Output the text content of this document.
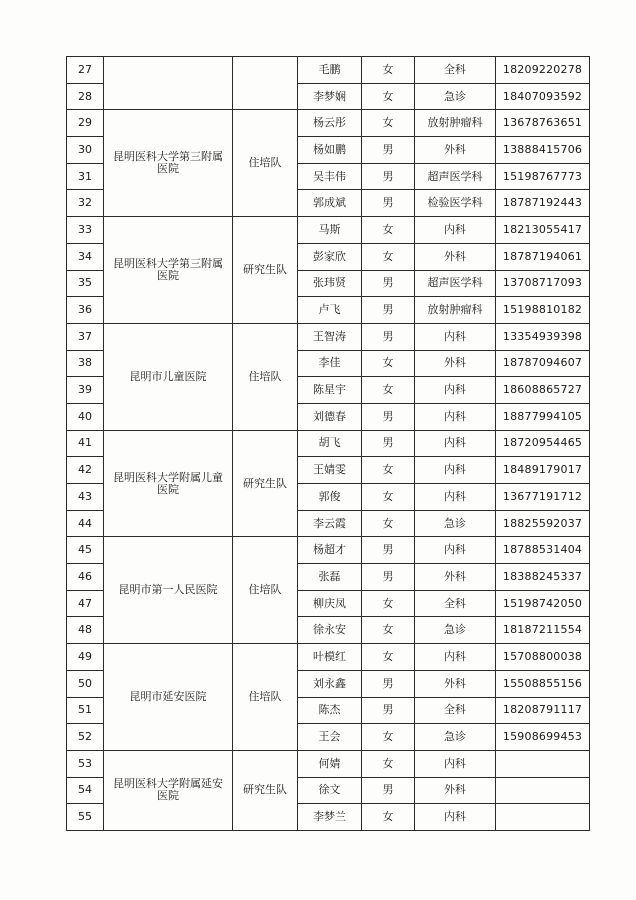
27			毛鹏	女	全科	18209220278
28			李梦娴	女	急诊	18407093592
29	昆明医科大学第三附属医院	住培队	杨云彤	女	放射肿瘤科	13678763651
30			杨如鹏	男	外科	13888415706
31			吴丰伟	男	超声医学科	15198767773
32			郭成斌	男	检验医学科	18787192443
33	昆明医科大学第三附属医院	研究生队	马斯	女	内科	18213055417
34			彭家欣	女	外科	18787194061
35			张玮贤	男	超声医学科	13708717093
36			卢飞	男	放射肿瘤科	15198810182
37	昆明市儿童医院	住培队	王智涛	男	内科	13354939398
38			李佳	女	外科	18787094607
39			陈星宇	女	内科	18608865727
40			刘德春	男	内科	18877994105
41	昆明医科大学附属儿童医院	研究生队	胡飞	男	内科	18720954465
42			王婧雯	女	内科	18489179017
43			郭俊	女	内科	13677191712
44			李云霞	女	急诊	18825592037
45	昆明市第一人民医院	住培队	杨超才	男	内科	18788531404
46			张磊	男	外科	18388245337
47			柳庆凤	女	全科	15198742050
48			徐永安	女	急诊	18187211554
49	昆明市延安医院	住培队	叶模红	女	内科	15708800038
50			刘永鑫	男	外科	15508855156
51			陈杰	男	全科	18208791117
52			王会	女	急诊	15908699453
53	昆明医科大学附属延安医院	研究生队	何婧	女	内科	
54			徐文	男	外科	
55			李梦兰	女	内科	
